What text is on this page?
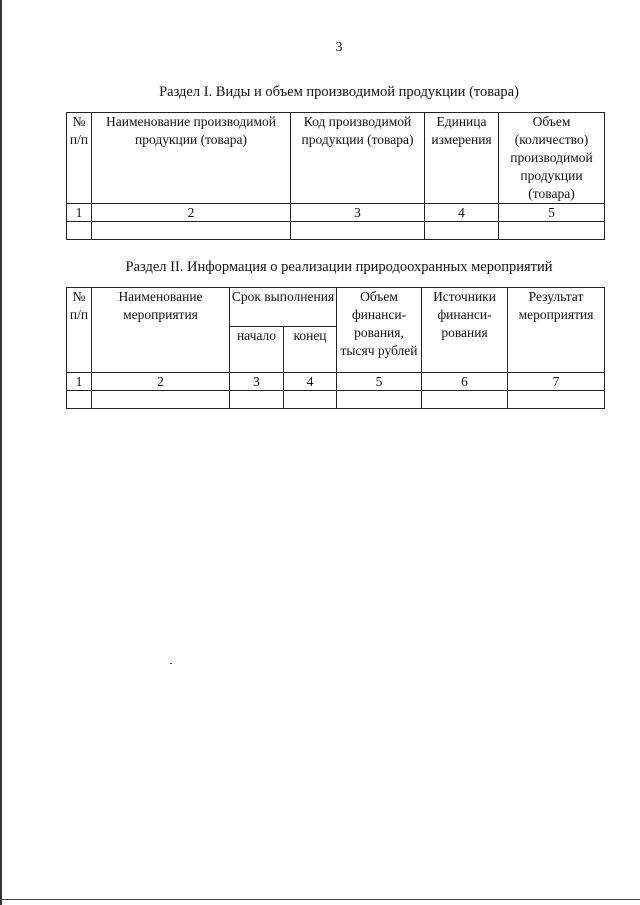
3
Раздел I. Виды и объем производимой продукции (товара)
№ п/п	Наименование производимой продукции (товара)	Код производимой продукции (товара)	Единица измерения	Объем (количество) производимой продукции (товара)
1	2	3	4	5

Раздел II. Информация о реализации природоохранных мероприятий
№ п/п	Наименование мероприятия	Срок выполнения		Объем финанси-рования, тысяч рублей	Источники финанси-рования	Результат мероприятия
		начало	конец			
1	2	3	4	5	6	7
